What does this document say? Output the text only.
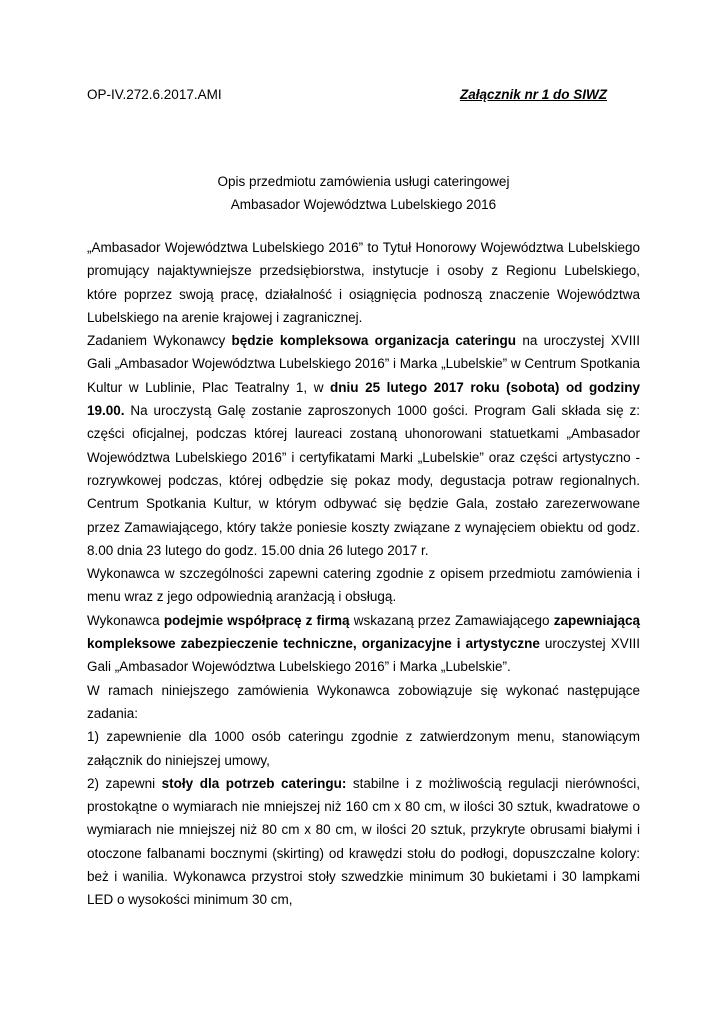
OP-IV.272.6.2017.AMI	Załącznik nr 1 do SIWZ
Opis przedmiotu zamówienia usługi cateringowej
Ambasador Województwa Lubelskiego 2016

„Ambasador Województwa Lubelskiego 2016” to Tytuł Honorowy Województwa Lubelskiego promujący najaktywniejsze przedsiębiorstwa, instytucje i osoby z Regionu Lubelskiego, które poprzez swoją pracę, działalność i osiągnięcia podnoszą znaczenie Województwa Lubelskiego na arenie krajowej i zagranicznej.

Zadaniem Wykonawcy będzie kompleksowa organizacja cateringu na uroczystej XVIII Gali „Ambasador Województwa Lubelskiego 2016” i Marka „Lubelskie” w Centrum Spotkania Kultur w Lublinie, Plac Teatralny 1, w dniu 25 lutego 2017 roku (sobota) od godziny 19.00. Na uroczystą Galę zostanie zaproszonych 1000 gości. Program Gali składa się z: części oficjalnej, podczas której laureaci zostaną uhonorowani statuetkami „Ambasador Województwa Lubelskiego 2016” i certyfikatami Marki „Lubelskie” oraz części artystyczno - rozrywkowej podczas, której odbędzie się pokaz mody, degustacja potraw regionalnych. Centrum Spotkania Kultur, w którym odbywać się będzie Gala, zostało zarezerwowane przez Zamawiającego, który także poniesie koszty związane z wynajęciem obiektu od godz. 8.00 dnia 23 lutego do godz. 15.00 dnia 26 lutego 2017 r.

Wykonawca w szczególności zapewni catering zgodnie z opisem przedmiotu zamówienia i menu wraz z jego odpowiednią aranżacją i obsługą.

Wykonawca podejmie współpracę z firmą wskazaną przez Zamawiającego zapewniającą kompleksowe zabezpieczenie techniczne, organizacyjne i artystyczne uroczystej XVIII Gali „Ambasador Województwa Lubelskiego 2016” i Marka „Lubelskie”.

W ramach niniejszego zamówienia Wykonawca zobowiązuje się wykonać następujące zadania:

1) zapewnienie dla 1000 osób cateringu zgodnie z zatwierdzonym menu, stanowiącym załącznik do niniejszej umowy,

2) zapewni stoły dla potrzeb cateringu: stabilne i z możliwością regulacji nierówności, prostokątne o wymiarach nie mniejszej niż 160 cm x 80 cm, w ilości 30 sztuk, kwadratowe o wymiarach nie mniejszej niż 80 cm x 80 cm, w ilości 20 sztuk, przykryte obrusami białymi i otoczone falbanami bocznymi (skirting) od krawędzi stołu do podłogi, dopuszczalne kolory: beż i wanilia. Wykonawca przystroi stoły szwedzkie minimum 30 bukietami i 30 lampkami LED o wysokości minimum 30 cm,
